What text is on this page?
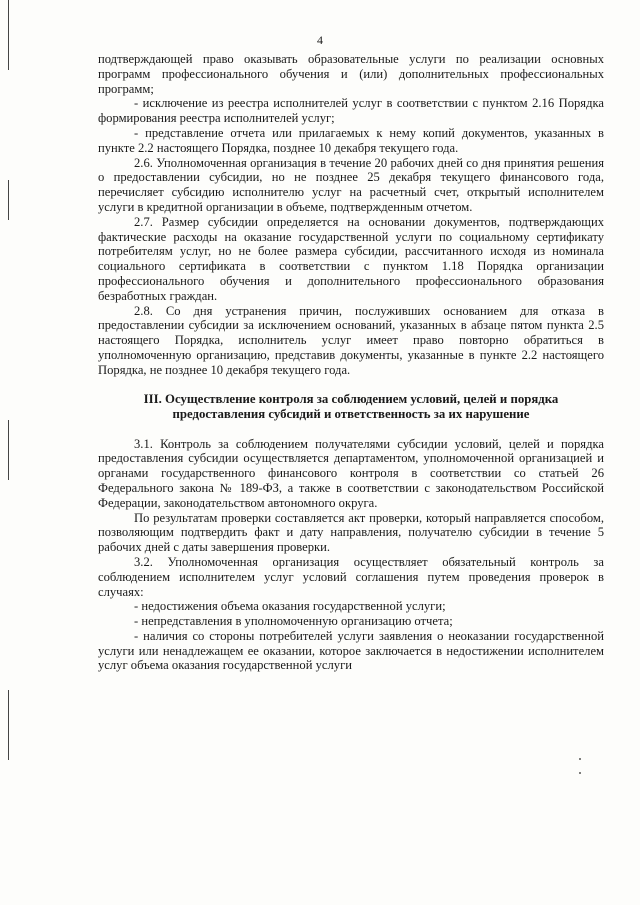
4

подтверждающей право оказывать образовательные услуги по реализации основных программ профессионального обучения и (или) дополнительных профессиональных программ;

- исключение из реестра исполнителей услуг в соответствии с пунктом 2.16 Порядка формирования реестра исполнителей услуг;

- представление отчета или прилагаемых к нему копий документов, указанных в пункте 2.2 настоящего Порядка, позднее 10 декабря текущего года.

2.6. Уполномоченная организация в течение 20 рабочих дней со дня принятия решения о предоставлении субсидии, но не позднее 25 декабря текущего финансового года, перечисляет субсидию исполнителю услуг на расчетный счет, открытый исполнителем услуги в кредитной организации в объеме, подтвержденным отчетом.

2.7. Размер субсидии определяется на основании документов, подтверждающих фактические расходы на оказание государственной услуги по социальному сертификату потребителям услуг, но не более размера субсидии, рассчитанного исходя из номинала социального сертификата в соответствии с пунктом 1.18 Порядка организации профессионального обучения и дополнительного профессионального образования безработных граждан.

2.8. Со дня устранения причин, послуживших основанием для отказа в предоставлении субсидии за исключением оснований, указанных в абзаце пятом пункта 2.5 настоящего Порядка, исполнитель услуг имеет право повторно обратиться в уполномоченную организацию, представив документы, указанные в пункте 2.2 настоящего Порядка, не позднее 10 декабря текущего года.

III. Осуществление контроля за соблюдением условий, целей и порядка предоставления субсидий и ответственность за их нарушение

3.1. Контроль за соблюдением получателями субсидии условий, целей и порядка предоставления субсидии осуществляется департаментом, уполномоченной организацией и органами государственного финансового контроля в соответствии со статьей 26 Федерального закона № 189-ФЗ, а также в соответствии с законодательством Российской Федерации, законодательством автономного округа.

По результатам проверки составляется акт проверки, который направляется способом, позволяющим подтвердить факт и дату направления, получателю субсидии в течение 5 рабочих дней с даты завершения проверки.

3.2. Уполномоченная организация осуществляет обязательный контроль за соблюдением исполнителем услуг условий соглашения путем проведения проверок в случаях:

- недостижения объема оказания государственной услуги;

- непредставления в уполномоченную организацию отчета;

- наличия со стороны потребителей услуги заявления о неоказании государственной услуги или ненадлежащем ее оказании, которое заключается в недостижении исполнителем услуг объема оказания государственной услуги
